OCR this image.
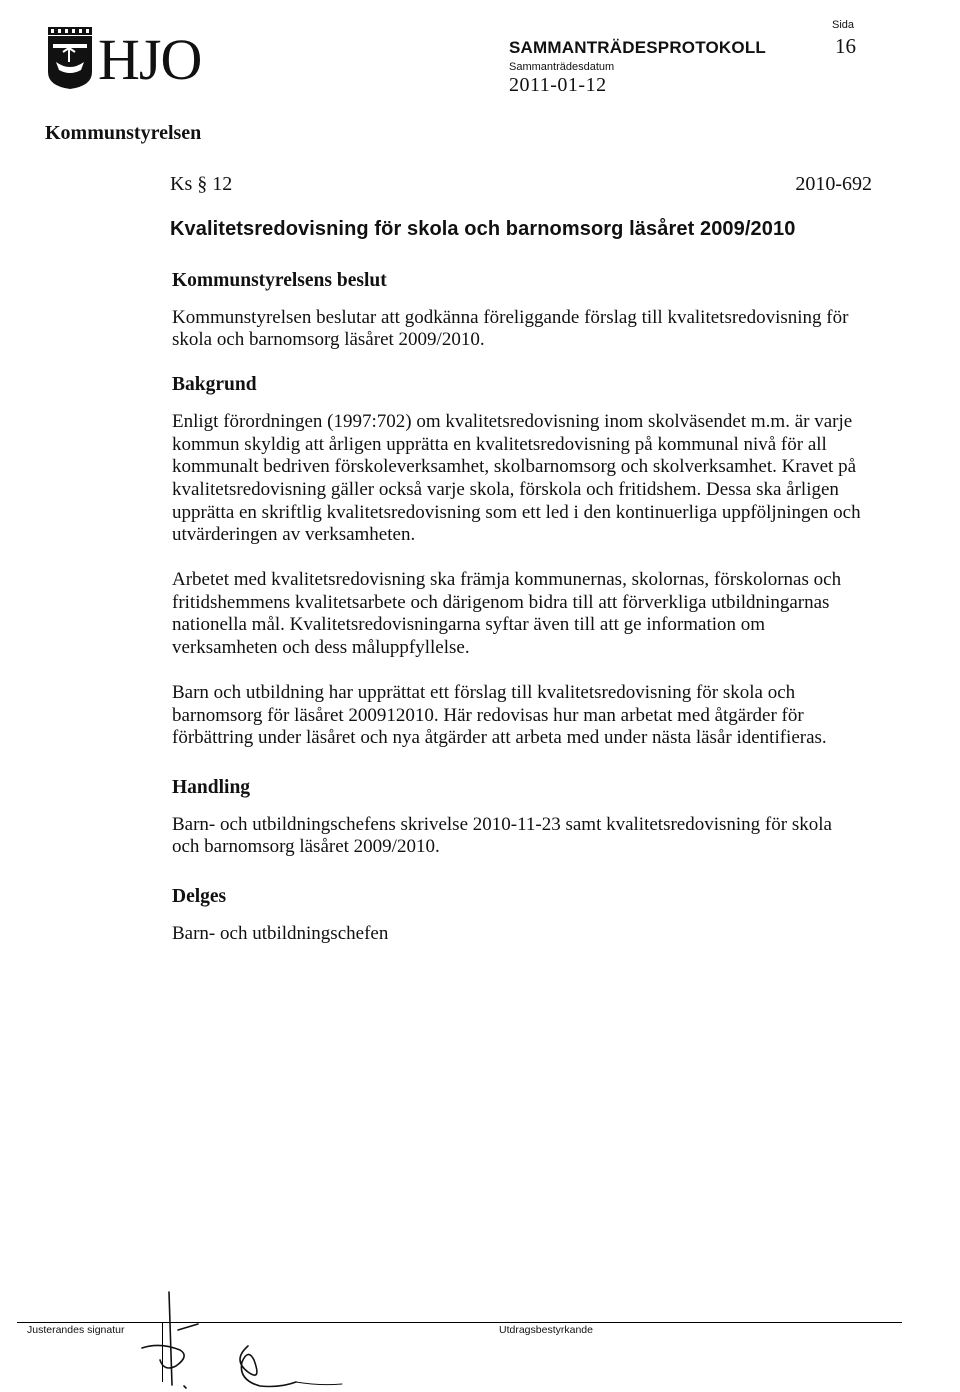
HJO	SAMMANTRÄDESPROTOKOLL
Sammanträdesdatum
2011-01-12
Sida
16
Kommunstyrelsen
Ks § 12	2010-692
Kvalitetsredovisning för skola och barnomsorg läsåret 2009/2010
Kommunstyrelsens beslut

Kommunstyrelsen beslutar att godkänna föreliggande förslag till kvalitetsredovisning för skola och barnomsorg läsåret 2009/2010.

Bakgrund

Enligt förordningen (1997:702) om kvalitetsredovisning inom skolväsendet m.m. är varje kommun skyldig att årligen upprätta en kvalitetsredovisning på kommunal nivå för all kommunalt bedriven förskoleverksamhet, skolbarnomsorg och skolverksamhet. Kravet på kvalitetsredovisning gäller också varje skola, förskola och fritidshem. Dessa ska årligen upprätta en skriftlig kvalitetsredovisning som ett led i den kontinuerliga uppföljningen och utvärderingen av verksamheten.

Arbetet med kvalitetsredovisning ska främja kommunernas, skolornas, förskolornas och fritidshemmens kvalitetsarbete och därigenom bidra till att förverkliga utbildningarnas nationella mål. Kvalitetsredovisningarna syftar även till att ge information om verksamheten och dess måluppfyllelse.

Barn och utbildning har upprättat ett förslag till kvalitetsredovisning för skola och barnomsorg för läsåret 200912010. Här redovisas hur man arbetat med åtgärder för förbättring under läsåret och nya åtgärder att arbeta med under nästa läsår identifieras.

Handling

Barn- och utbildningschefens skrivelse 2010-11-23 samt kvalitetsredovisning för skola och barnomsorg läsåret 2009/2010.

Delges

Barn- och utbildningschefen

Justerandes signatur	Utdragsbestyrkande
